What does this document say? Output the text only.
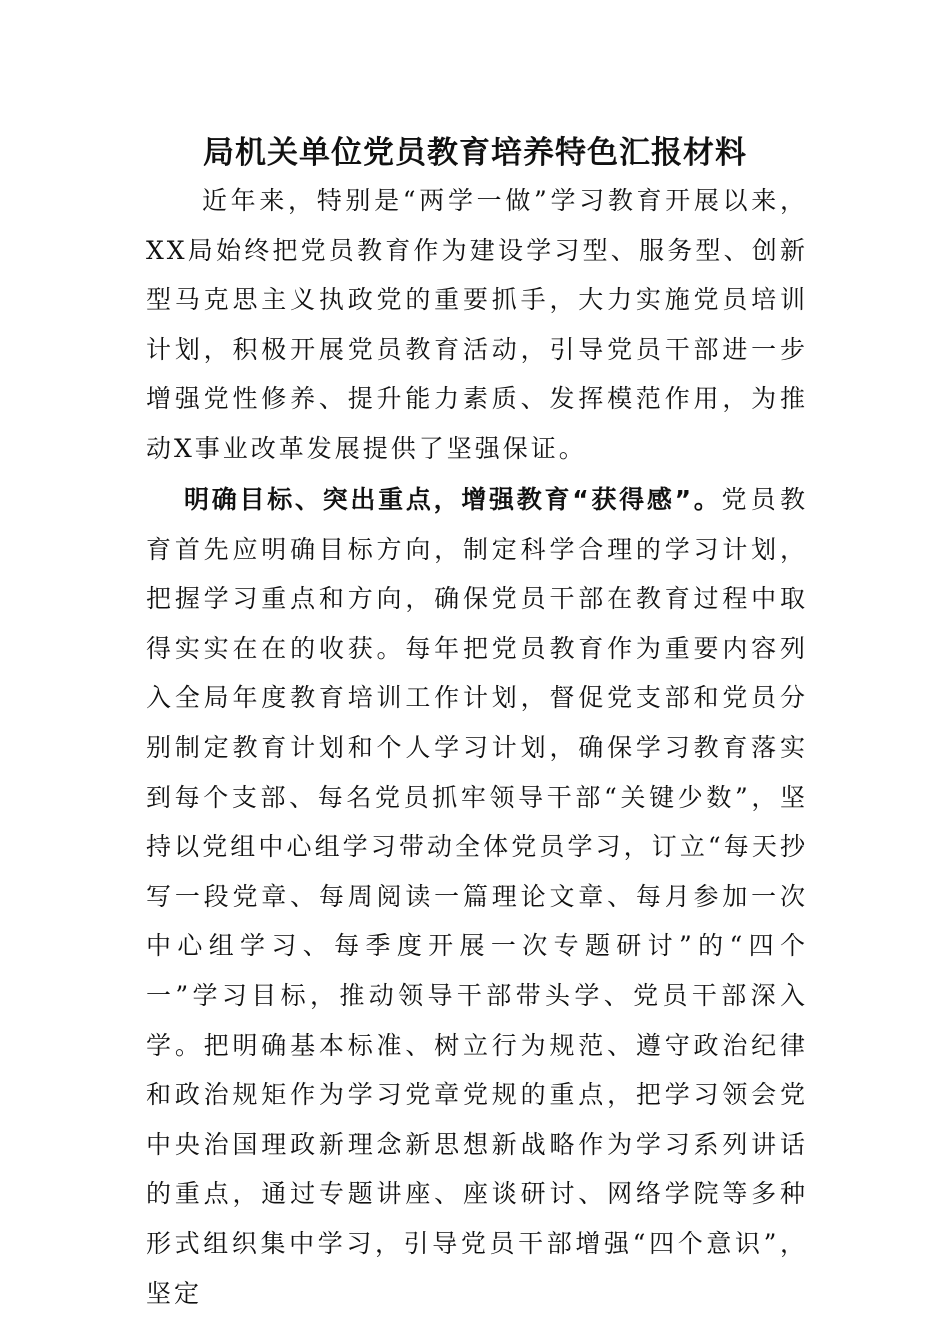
局机关单位党员教育培养特色汇报材料

近年来，特别是“两学一做”学习教育开展以来，XX局始终把党员教育作为建设学习型、服务型、创新型马克思主义执政党的重要抓手，大力实施党员培训计划，积极开展党员教育活动，引导党员干部进一步增强党性修养、提升能力素质、发挥模范作用，为推动X事业改革发展提供了坚强保证。

明确目标、突出重点，增强教育“获得感”。党员教育首先应明确目标方向，制定科学合理的学习计划，把握学习重点和方向，确保党员干部在教育过程中取得实实在在的收获。每年把党员教育作为重要内容列入全局年度教育培训工作计划，督促党支部和党员分别制定教育计划和个人学习计划，确保学习教育落实到每个支部、每名党员抓牢领导干部“关键少数”，坚持以党组中心组学习带动全体党员学习，订立“每天抄写一段党章、每周阅读一篇理论文章、每月参加一次中心组学习、每季度开展一次专题研讨”的“四个一”学习目标，推动领导干部带头学、党员干部深入学。把明确基本标准、树立行为规范、遵守政治纪律和政治规矩作为学习党章党规的重点，把学习领会党中央治国理政新理念新思想新战略作为学习系列讲话的重点，通过专题讲座、座谈研讨、网络学院等多种形式组织集中学习，引导党员干部增强“四个意识”，坚定
